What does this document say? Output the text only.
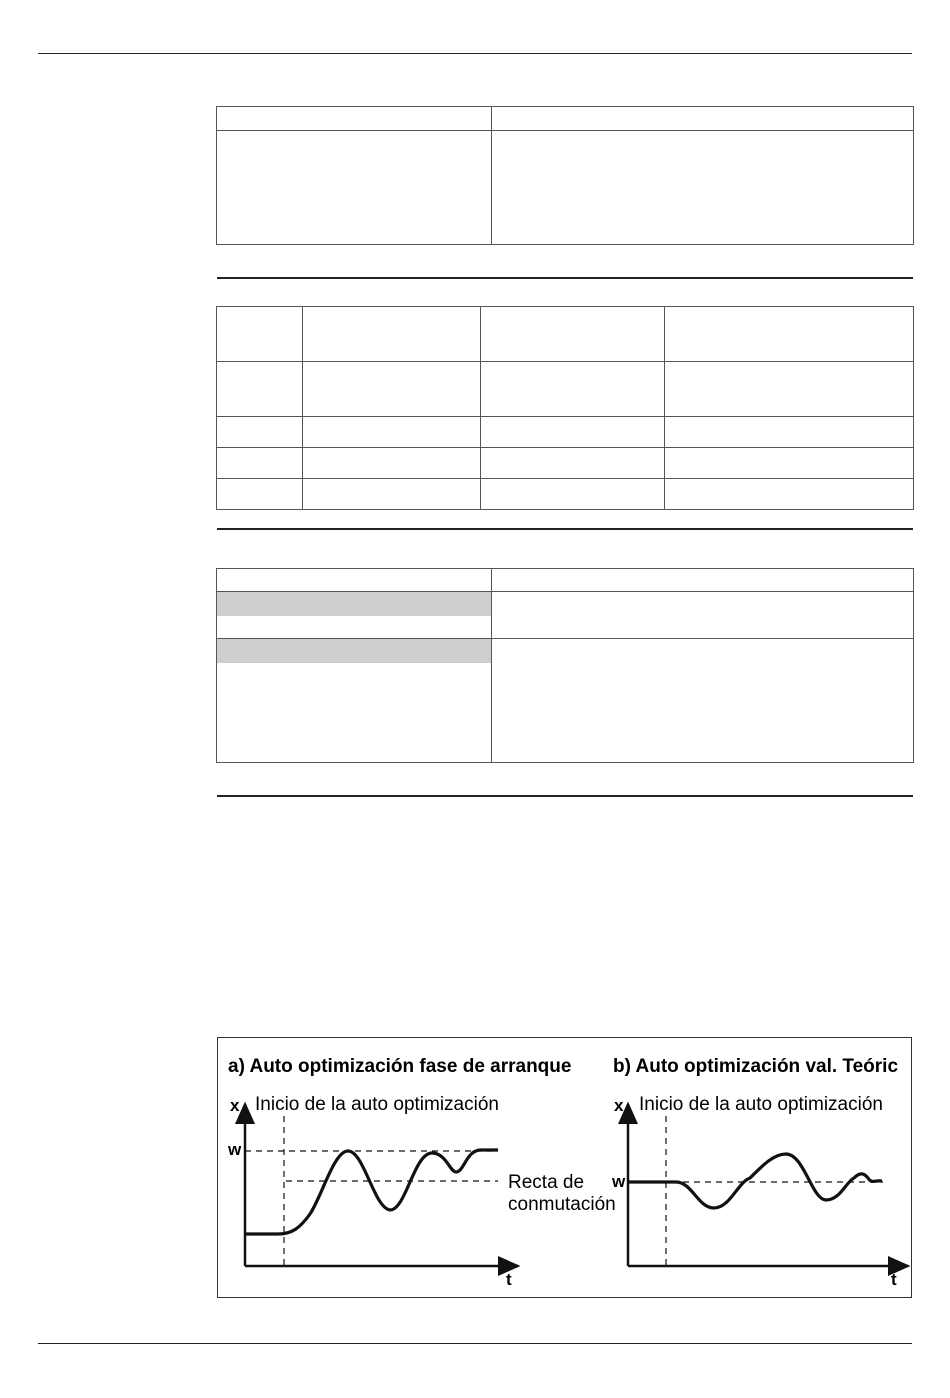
a) Auto optimización fase de arranque
Inicio de la auto optimización
x
w
t
Recta de
conmutación
b) Auto optimización val. Teóric
Inicio de la auto optimización
x
w
t
